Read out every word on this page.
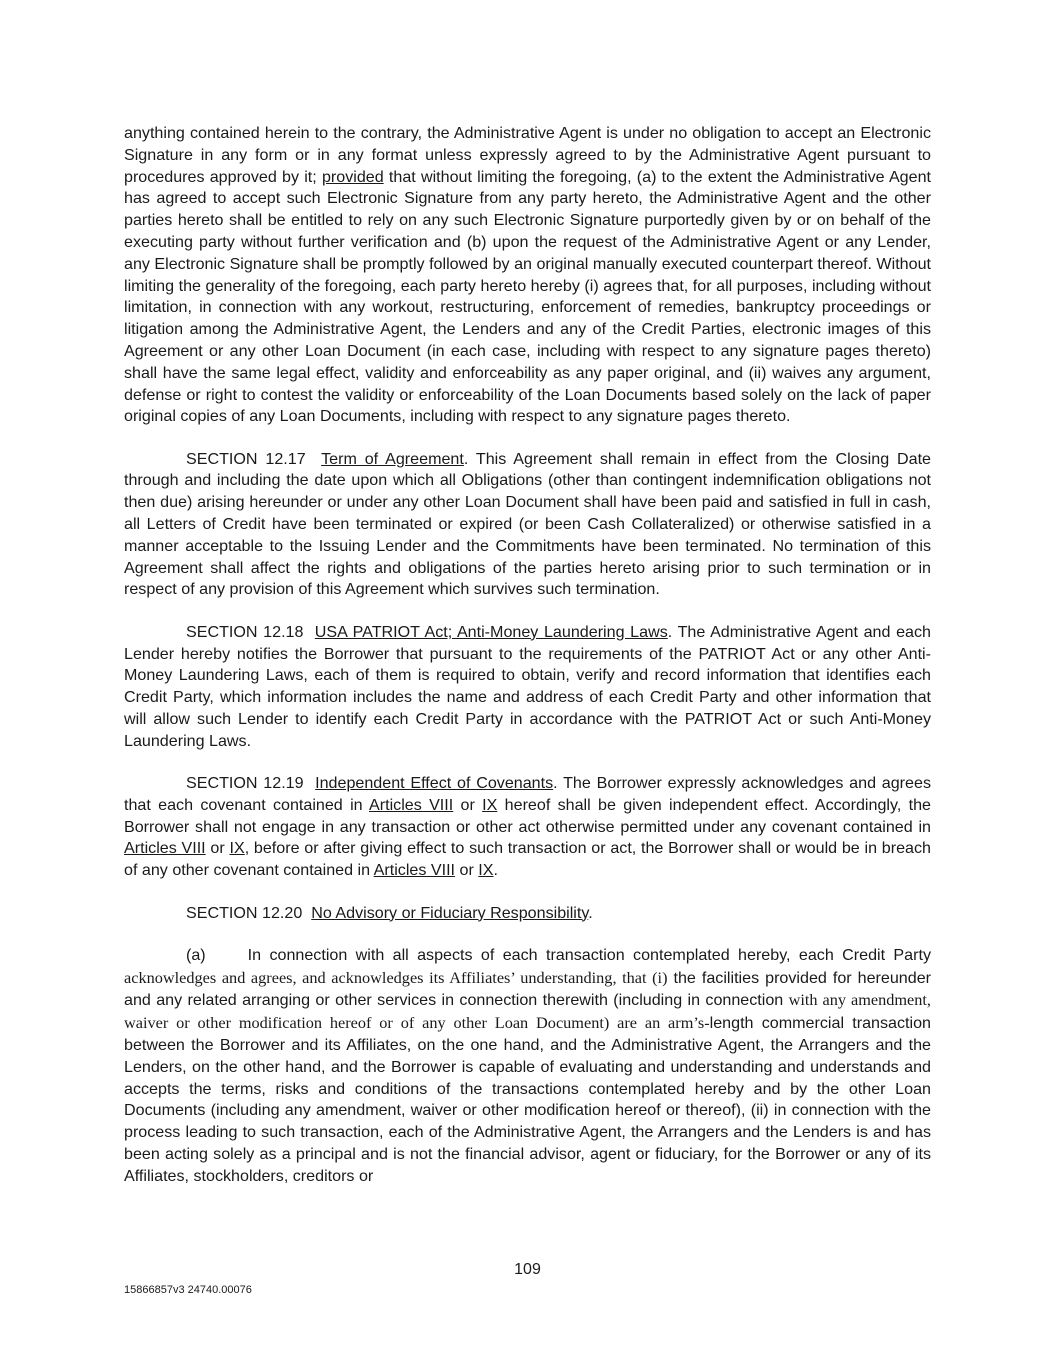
anything contained herein to the contrary, the Administrative Agent is under no obligation to accept an Electronic Signature in any form or in any format unless expressly agreed to by the Administrative Agent pursuant to procedures approved by it; provided that without limiting the foregoing, (a) to the extent the Administrative Agent has agreed to accept such Electronic Signature from any party hereto, the Administrative Agent and the other parties hereto shall be entitled to rely on any such Electronic Signature purportedly given by or on behalf of the executing party without further verification and (b) upon the request of the Administrative Agent or any Lender, any Electronic Signature shall be promptly followed by an original manually executed counterpart thereof. Without limiting the generality of the foregoing, each party hereto hereby (i) agrees that, for all purposes, including without limitation, in connection with any workout, restructuring, enforcement of remedies, bankruptcy proceedings or litigation among the Administrative Agent, the Lenders and any of the Credit Parties, electronic images of this Agreement or any other Loan Document (in each case, including with respect to any signature pages thereto) shall have the same legal effect, validity and enforceability as any paper original, and (ii) waives any argument, defense or right to contest the validity or enforceability of the Loan Documents based solely on the lack of paper original copies of any Loan Documents, including with respect to any signature pages thereto.

SECTION 12.17 Term of Agreement. This Agreement shall remain in effect from the Closing Date through and including the date upon which all Obligations (other than contingent indemnification obligations not then due) arising hereunder or under any other Loan Document shall have been paid and satisfied in full in cash, all Letters of Credit have been terminated or expired (or been Cash Collateralized) or otherwise satisfied in a manner acceptable to the Issuing Lender and the Commitments have been terminated. No termination of this Agreement shall affect the rights and obligations of the parties hereto arising prior to such termination or in respect of any provision of this Agreement which survives such termination.

SECTION 12.18 USA PATRIOT Act; Anti-Money Laundering Laws. The Administrative Agent and each Lender hereby notifies the Borrower that pursuant to the requirements of the PATRIOT Act or any other Anti-Money Laundering Laws, each of them is required to obtain, verify and record information that identifies each Credit Party, which information includes the name and address of each Credit Party and other information that will allow such Lender to identify each Credit Party in accordance with the PATRIOT Act or such Anti-Money Laundering Laws.

SECTION 12.19 Independent Effect of Covenants. The Borrower expressly acknowledges and agrees that each covenant contained in Articles VIII or IX hereof shall be given independent effect. Accordingly, the Borrower shall not engage in any transaction or other act otherwise permitted under any covenant contained in Articles VIII or IX, before or after giving effect to such transaction or act, the Borrower shall or would be in breach of any other covenant contained in Articles VIII or IX.

SECTION 12.20 No Advisory or Fiduciary Responsibility.

(a)	In connection with all aspects of each transaction contemplated hereby, each Credit Party acknowledges and agrees, and acknowledges its Affiliates’ understanding, that (i) the facilities provided for hereunder and any related arranging or other services in connection therewith (including in connection with any amendment, waiver or other modification hereof or of any other Loan Document) are an arm’s-length commercial transaction between the Borrower and its Affiliates, on the one hand, and the Administrative Agent, the Arrangers and the Lenders, on the other hand, and the Borrower is capable of evaluating and understanding and understands and accepts the terms, risks and conditions of the transactions contemplated hereby and by the other Loan Documents (including any amendment, waiver or other modification hereof or thereof), (ii) in connection with the process leading to such transaction, each of the Administrative Agent, the Arrangers and the Lenders is and has been acting solely as a principal and is not the financial advisor, agent or fiduciary, for the Borrower or any of its Affiliates, stockholders, creditors or

109
15866857v3 24740.00076
